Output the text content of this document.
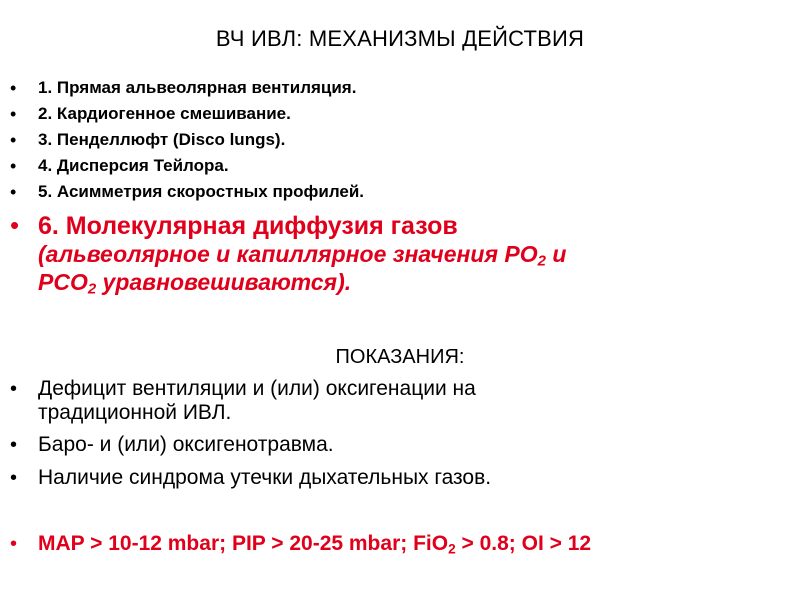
ВЧ ИВЛ: МЕХАНИЗМЫ ДЕЙСТВИЯ
• 1. Прямая альвеолярная вентиляция.
• 2. Кардиогенное смешивание.
• 3. Пенделлюфт (Disco lungs).
• 4. Дисперсия Тейлора.
• 5. Асимметрия скоростных профилей.
• 6. Молекулярная диффузия газов
(альвеолярное и капиллярное значения $PO_2$ и
$PCO_2$ уравновешиваются).
ПОКАЗАНИЯ:
• Дефицит вентиляции и (или) оксигенации на
традиционной ИВЛ.
• Баро- и (или) оксигенотравма.
• Наличие синдрома утечки дыхательных газов.
• MAP > 10-12 mbar; PIP > 20-25 mbar; FiO$_2$ > 0.8; OI > 12
